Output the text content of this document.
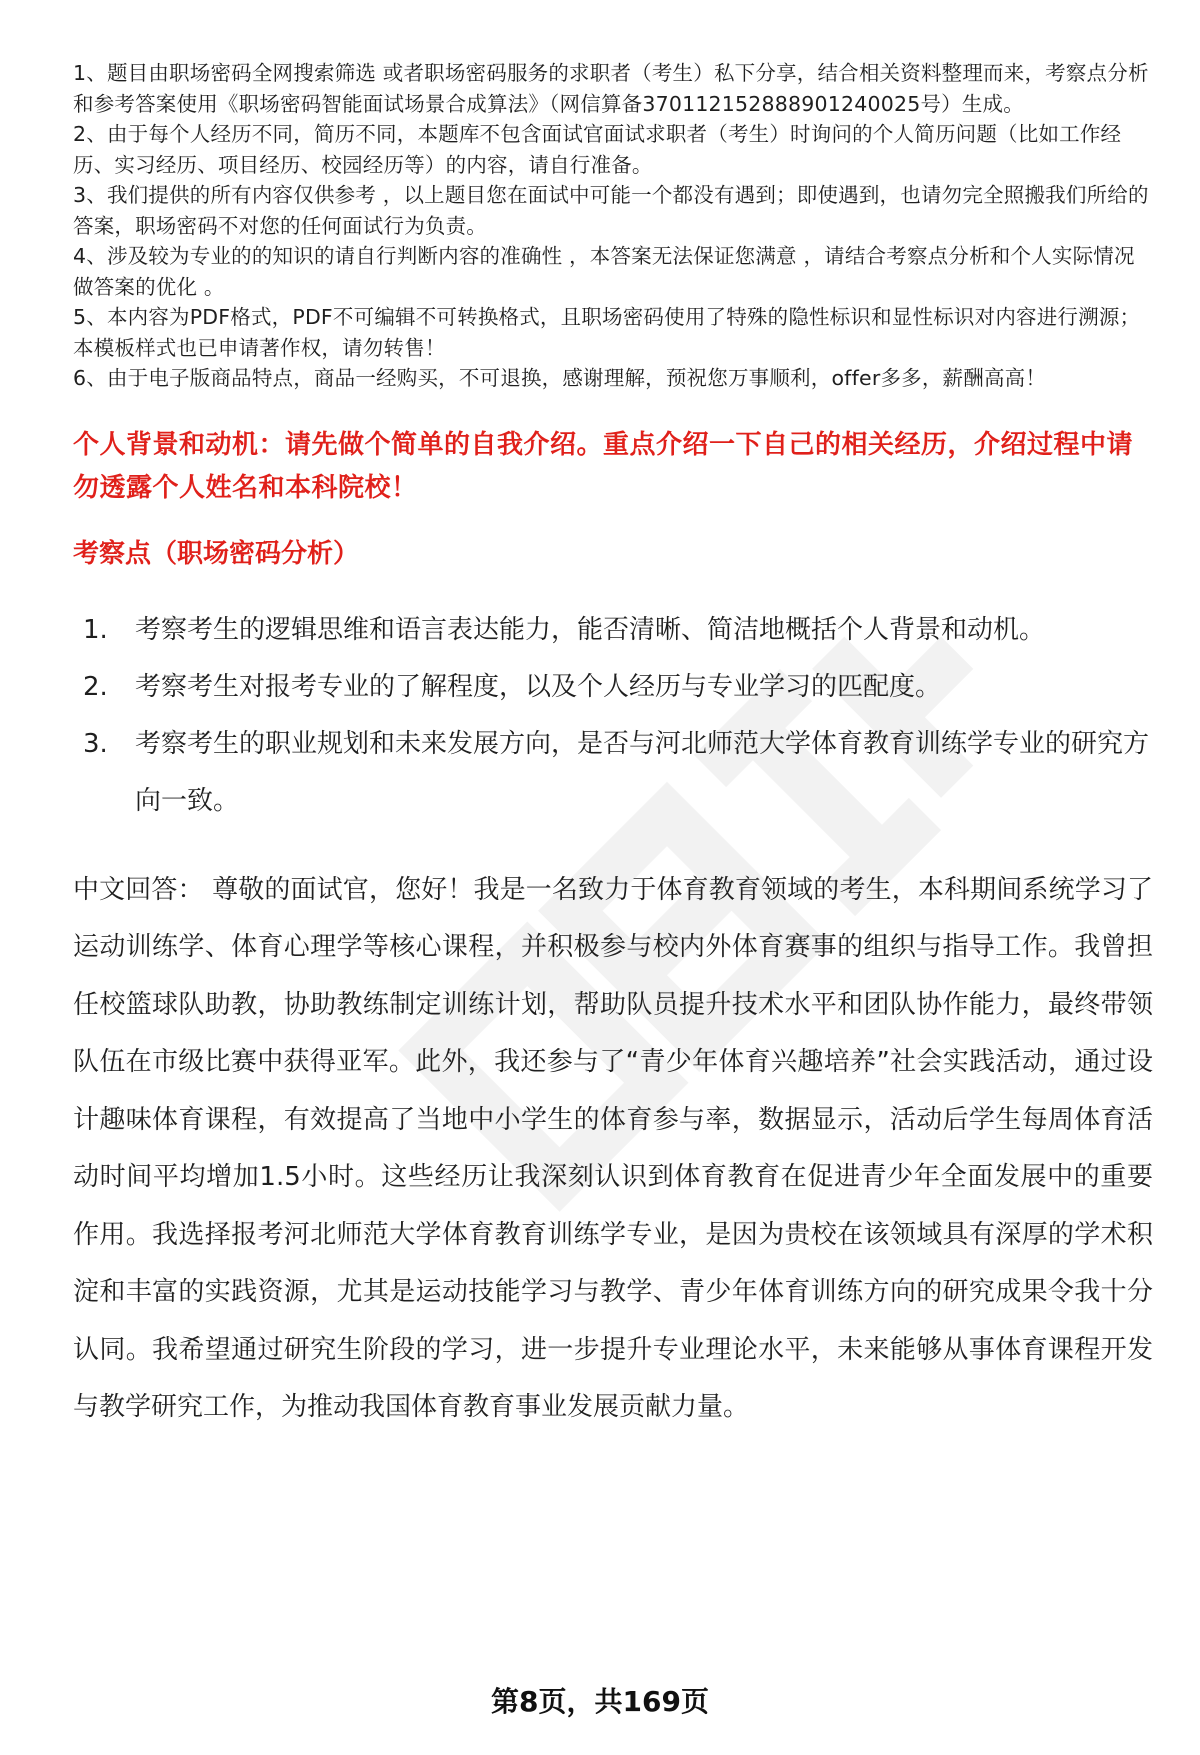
1、题目由职场密码全网搜索筛选 或者职场密码服务的求职者（考生）私下分享，结合相关资料整理而来，考察点分析和参考答案使用《职场密码智能面试场景合成算法》（网信算备370112152888901240025号）生成。

2、由于每个人经历不同，简历不同，本题库不包含面试官面试求职者（考生）时询问的个人简历问题（比如工作经历、实习经历、项目经历、校园经历等）的内容，请自行准备。

3、我们提供的所有内容仅供参考 ，以上题目您在面试中可能一个都没有遇到；即使遇到，也请勿完全照搬我们所给的答案，职场密码不对您的任何面试行为负责。

4、涉及较为专业的的知识的请自行判断内容的准确性 ，本答案无法保证您满意 ，请结合考察点分析和个人实际情况做答案的优化 。

5、本内容为PDF格式，PDF不可编辑不可转换格式，且职场密码使用了特殊的隐性标识和显性标识对内容进行溯源；本模板样式也已申请著作权，请勿转售！

6、由于电子版商品特点，商品一经购买，不可退换，感谢理解，预祝您万事顺利，offer多多，薪酬高高！

个人背景和动机：请先做个简单的自我介绍。重点介绍一下自己的相关经历，介绍过程中请勿透露个人姓名和本科院校！
考察点（职场密码分析）
1.	考察考生的逻辑思维和语言表达能力，能否清晰、简洁地概括个人背景和动机。
2.	考察考生对报考专业的了解程度，以及个人经历与专业学习的匹配度。
3.	考察考生的职业规划和未来发展方向，是否与河北师范大学体育教育训练学专业的研究方向一致。
中文回答： 尊敬的面试官，您好！我是一名致力于体育教育领域的考生，本科期间系统学习了运动训练学、体育心理学等核心课程，并积极参与校内外体育赛事的组织与指导工作。我曾担任校篮球队助教，协助教练制定训练计划，帮助队员提升技术水平和团队协作能力，最终带领队伍在市级比赛中获得亚军。此外，我还参与了“青少年体育兴趣培养”社会实践活动，通过设计趣味体育课程，有效提高了当地中小学生的体育参与率，数据显示，活动后学生每周体育活动时间平均增加1.5小时。这些经历让我深刻认识到体育教育在促进青少年全面发展中的重要作用。我选择报考河北师范大学体育教育训练学专业，是因为贵校在该领域具有深厚的学术积淀和丰富的实践资源，尤其是运动技能学习与教学、青少年体育训练方向的研究成果令我十分认同。我希望通过研究生阶段的学习，进一步提升专业理论水平，未来能够从事体育课程开发与教学研究工作，为推动我国体育教育事业发展贡献力量。
第8页，共169页
